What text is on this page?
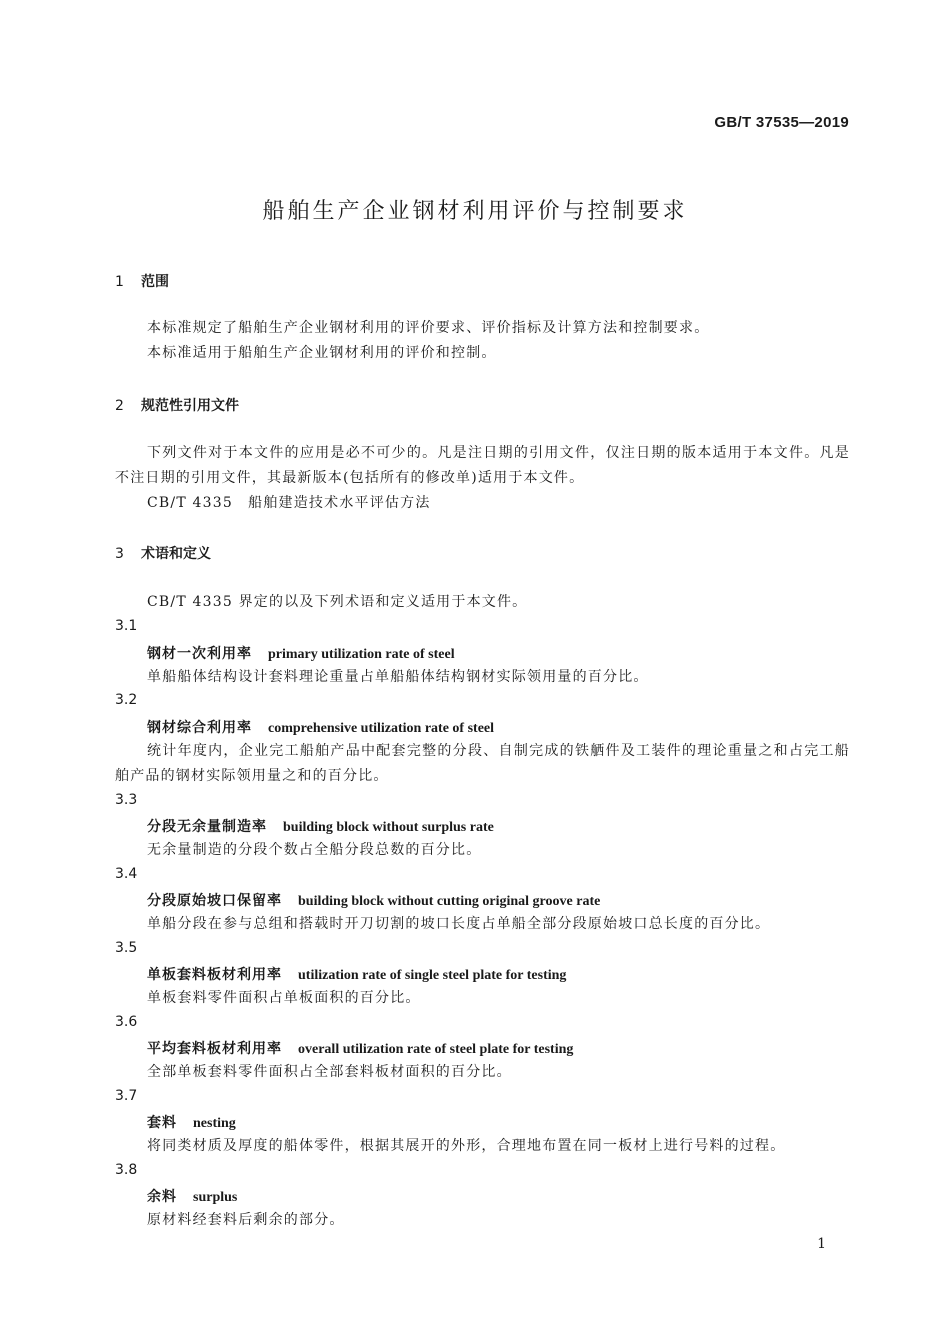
GB/T 37535—2019
船舶生产企业钢材利用评价与控制要求
1 范围
本标准规定了船舶生产企业钢材利用的评价要求、评价指标及计算方法和控制要求。
本标准适用于船舶生产企业钢材利用的评价和控制。
2 规范性引用文件
下列文件对于本文件的应用是必不可少的。凡是注日期的引用文件，仅注日期的版本适用于本文件。凡是不注日期的引用文件，其最新版本(包括所有的修改单)适用于本文件。
CB/T 4335　船舶建造技术水平评估方法
3 术语和定义
CB/T 4335 界定的以及下列术语和定义适用于本文件。
3.1
钢材一次利用率 primary utilization rate of steel
单船船体结构设计套料理论重量占单船船体结构钢材实际领用量的百分比。
3.2
钢材综合利用率 comprehensive utilization rate of steel
统计年度内，企业完工船舶产品中配套完整的分段、自制完成的铁舾件及工装件的理论重量之和占完工船舶产品的钢材实际领用量之和的百分比。
3.3
分段无余量制造率 building block without surplus rate
无余量制造的分段个数占全船分段总数的百分比。
3.4
分段原始坡口保留率 building block without cutting original groove rate
单船分段在参与总组和搭载时开刀切割的坡口长度占单船全部分段原始坡口总长度的百分比。
3.5
单板套料板材利用率 utilization rate of single steel plate for testing
单板套料零件面积占单板面积的百分比。
3.6
平均套料板材利用率 overall utilization rate of steel plate for testing
全部单板套料零件面积占全部套料板材面积的百分比。
3.7
套料 nesting
将同类材质及厚度的船体零件，根据其展开的外形，合理地布置在同一板材上进行号料的过程。
3.8
余料 surplus
原材料经套料后剩余的部分。
1
